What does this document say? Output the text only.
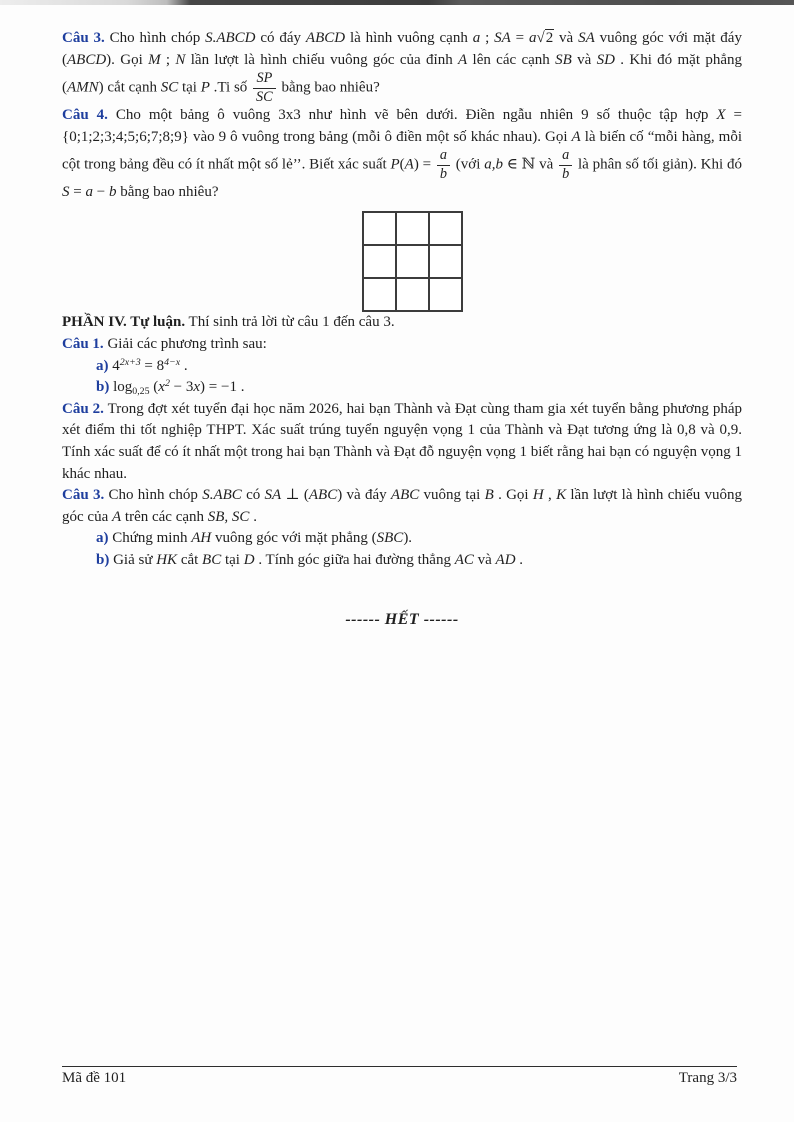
Câu 3. Cho hình chóp S.ABCD có đáy ABCD là hình vuông cạnh a ; SA = a√2 và SA vuông góc với mặt đáy (ABCD). Gọi M ; N lần lượt là hình chiếu vuông góc của đỉnh A lên các cạnh SB và SD . Khi đó mặt phẳng (AMN) cắt cạnh SC tại P .Ti số $\frac{SP}{SC}$ bằng bao nhiêu?

Câu 4. Cho một bảng ô vuông 3x3 như hình vẽ bên dưới. Điền ngẫu nhiên 9 số thuộc tập hợp X = {0;1;2;3;4;5;6;7;8;9} vào 9 ô vuông trong bảng (mỗi ô điền một số khác nhau). Gọi A là biến cố “mỗi hàng, mỗi cột trong bảng đều có ít nhất một số lẻ’’. Biết xác suất $P(A) = \frac{a}{b}$ (với a,b ∈ ℕ và $\frac{a}{b}$ là phân số tối giản). Khi đó S = a − b bằng bao nhiêu?

PHẦN IV. Tự luận. Thí sinh trả lời từ câu 1 đến câu 3.

Câu 1. Giải các phương trình sau:

a) $4^{2x+3} = 8^{4-x}$ .

b) log0,25 $(x^2 - 3x) = -1$ .

Câu 2. Trong đợt xét tuyển đại học năm 2026, hai bạn Thành và Đạt cùng tham gia xét tuyển bằng phương pháp xét điểm thi tốt nghiệp THPT. Xác suất trúng tuyển nguyện vọng 1 của Thành và Đạt tương ứng là 0,8 và 0,9. Tính xác suất để có ít nhất một trong hai bạn Thành và Đạt đỗ nguyện vọng 1 biết rằng hai bạn có nguyện vọng 1 khác nhau.

Câu 3. Cho hình chóp S.ABC có SA ⊥ (ABC) và đáy ABC vuông tại B . Gọi H , K lần lượt là hình chiếu vuông góc của A trên các cạnh SB, SC .

a) Chứng minh AH vuông góc với mặt phẳng (SBC).

b) Giả sử HK cắt BC tại D . Tính góc giữa hai đường thẳng AC và AD .

------ HẾT ------

Mã đề 101	Trang 3/3
